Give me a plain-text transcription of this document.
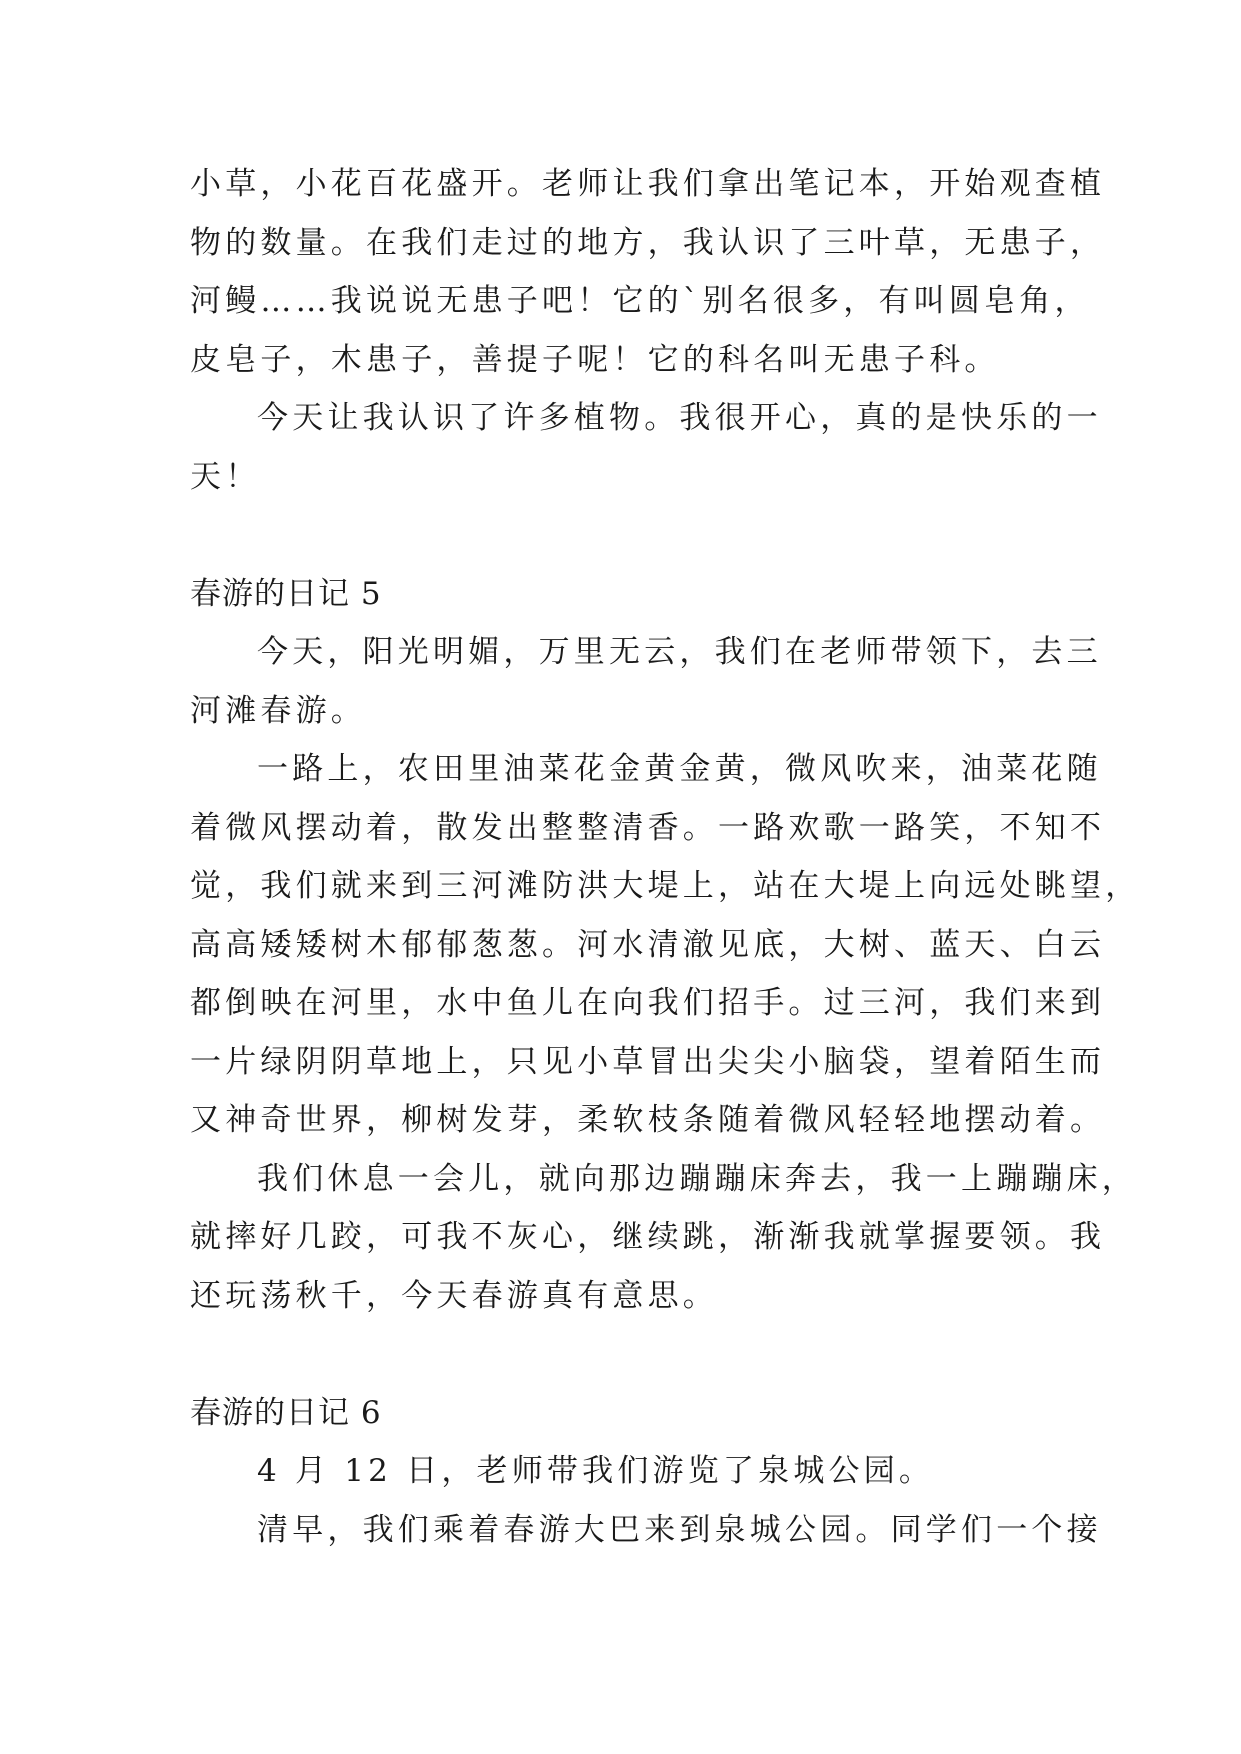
小草，小花百花盛开。老师让我们拿出笔记本，开始观查植
物的数量。在我们走过的地方，我认识了三叶草，无患子，
河鳗……我说说无患子吧！它的`别名很多，有叫圆皂角，
皮皂子，木患子，善提子呢！它的科名叫无患子科。
今天让我认识了许多植物。我很开心，真的是快乐的一
天！
春游的日记 5
今天，阳光明媚，万里无云，我们在老师带领下，去三
河滩春游。
一路上，农田里油菜花金黄金黄，微风吹来，油菜花随
着微风摆动着，散发出整整清香。一路欢歌一路笑，不知不
觉，我们就来到三河滩防洪大堤上，站在大堤上向远处眺望，
高高矮矮树木郁郁葱葱。河水清澈见底，大树、蓝天、白云
都倒映在河里，水中鱼儿在向我们招手。过三河，我们来到
一片绿阴阴草地上，只见小草冒出尖尖小脑袋，望着陌生而
又神奇世界，柳树发芽，柔软枝条随着微风轻轻地摆动着。
我们休息一会儿，就向那边蹦蹦床奔去，我一上蹦蹦床，
就摔好几跤，可我不灰心，继续跳，渐渐我就掌握要领。我
还玩荡秋千，今天春游真有意思。
春游的日记 6
4 月 12 日，老师带我们游览了泉城公园。
清早，我们乘着春游大巴来到泉城公园。同学们一个接
